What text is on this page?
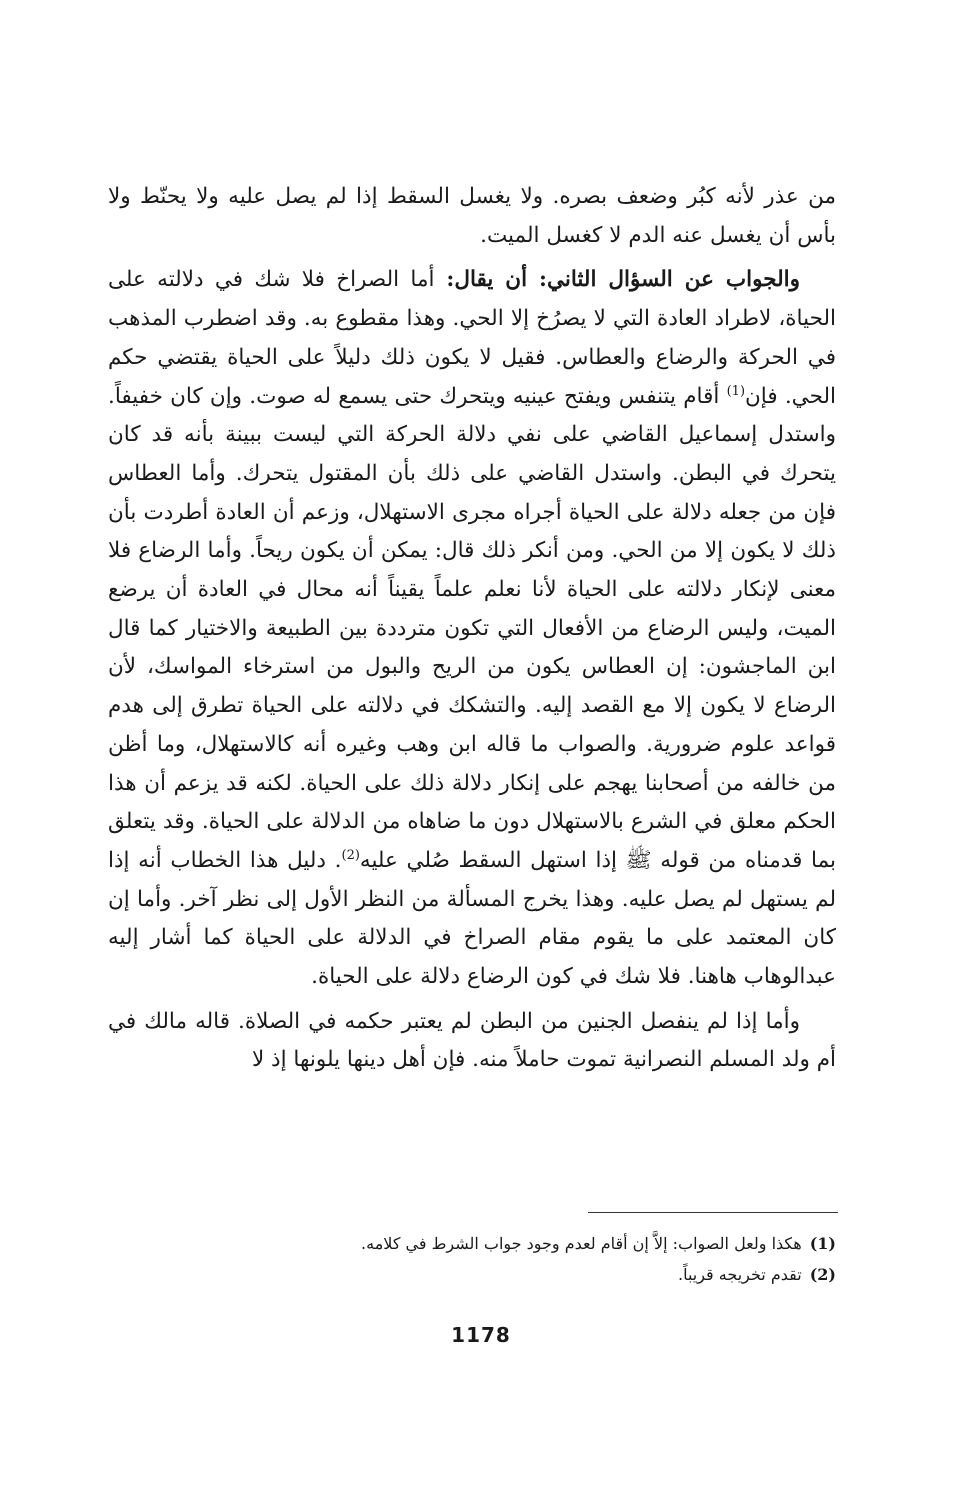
من عذر لأنه كبُر وضعف بصره. ولا يغسل السقط إذا لم يصل عليه ولا يحنّط ولا بأس أن يغسل عنه الدم لا كغسل الميت.

والجواب عن السؤال الثاني: أن يقال: أما الصراخ فلا شك في دلالته على الحياة، لاطراد العادة التي لا يصرُخ إلا الحي. وهذا مقطوع به. وقد اضطرب المذهب في الحركة والرضاع والعطاس. فقيل لا يكون ذلك دليلاً على الحياة يقتضي حكم الحي. فإن$^{(1)}$ أقام يتنفس ويفتح عينيه ويتحرك حتى يسمع له صوت. وإن كان خفيفاً. واستدل إسماعيل القاضي على نفي دلالة الحركة التي ليست ببينة بأنه قد كان يتحرك في البطن. واستدل القاضي على ذلك بأن المقتول يتحرك. وأما العطاس فإن من جعله دلالة على الحياة أجراه مجرى الاستهلال، وزعم أن العادة أطردت بأن ذلك لا يكون إلا من الحي. ومن أنكر ذلك قال: يمكن أن يكون ريحاً. وأما الرضاع فلا معنى لإنكار دلالته على الحياة لأنا نعلم علماً يقيناً أنه محال في العادة أن يرضع الميت، وليس الرضاع من الأفعال التي تكون مترددة بين الطبيعة والاختيار كما قال ابن الماجشون: إن العطاس يكون من الريح والبول من استرخاء المواسك، لأن الرضاع لا يكون إلا مع القصد إليه. والتشكك في دلالته على الحياة تطرق إلى هدم قواعد علوم ضرورية. والصواب ما قاله ابن وهب وغيره أنه كالاستهلال، وما أظن من خالفه من أصحابنا يهجم على إنكار دلالة ذلك على الحياة. لكنه قد يزعم أن هذا الحكم معلق في الشرع بالاستهلال دون ما ضاهاه من الدلالة على الحياة. وقد يتعلق بما قدمناه من قوله ﷺ إذا استهل السقط صُلي عليه$^{(2)}$. دليل هذا الخطاب أنه إذا لم يستهل لم يصل عليه. وهذا يخرج المسألة من النظر الأول إلى نظر آخر. وأما إن كان المعتمد على ما يقوم مقام الصراخ في الدلالة على الحياة كما أشار إليه عبدالوهاب هاهنا. فلا شك في كون الرضاع دلالة على الحياة.

وأما إذا لم ينفصل الجنين من البطن لم يعتبر حكمه في الصلاة. قاله مالك في أم ولد المسلم النصرانية تموت حاملاً منه. فإن أهل دينها يلونها إذ لا

(1)هكذا ولعل الصواب: إلاَّ إن أقام لعدم وجود جواب الشرط في كلامه.

(2)تقدم تخريجه قريباً.

1178
